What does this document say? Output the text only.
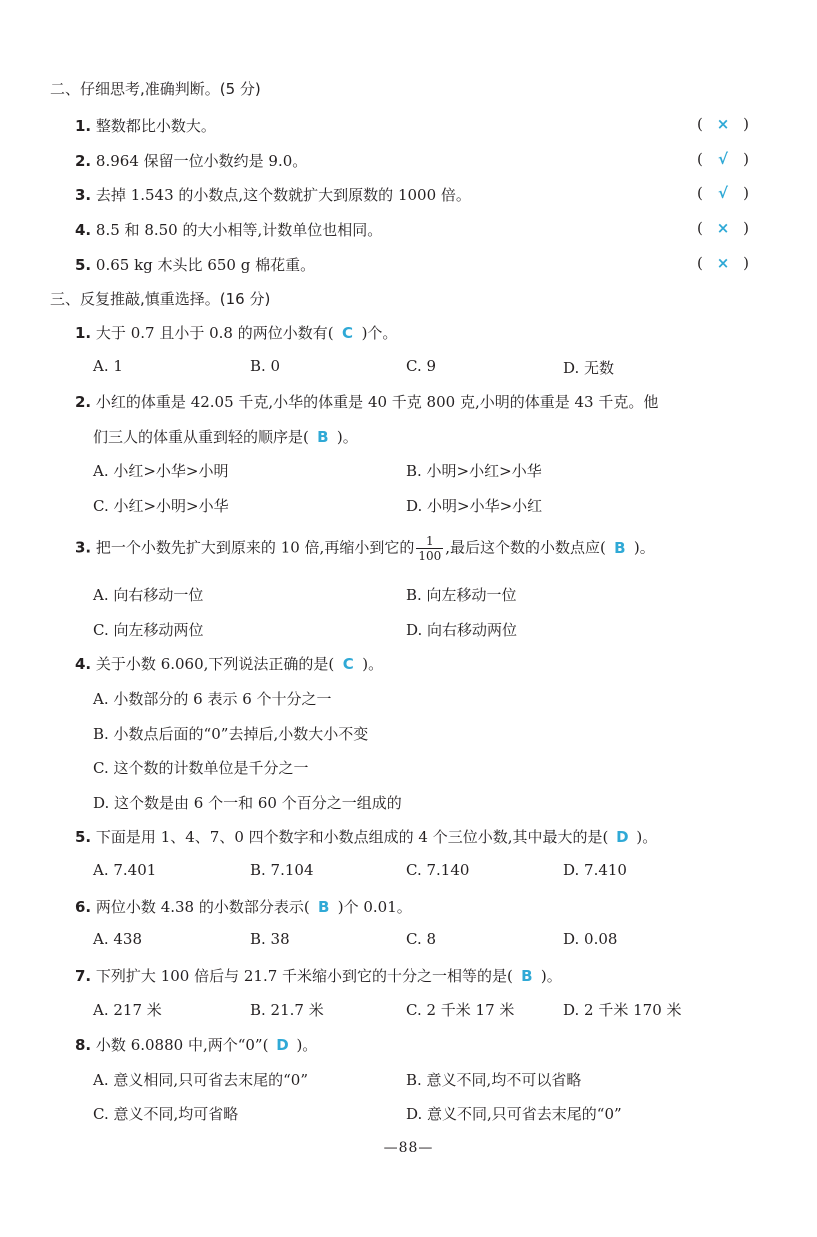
二、仔细思考,准确判断。(5 分)
1. 整数都比小数大。	( × )
2. 8.964 保留一位小数约是 9.0。	( √ )
3. 去掉 1.543 的小数点,这个数就扩大到原数的 1000 倍。	( √ )
4. 8.5 和 8.50 的大小相等,计数单位也相同。	( × )
5. 0.65 kg 木头比 650 g 棉花重。	( × )
三、反复推敲,慎重选择。(16 分)
1. 大于 0.7 且小于 0.8 的两位小数有( C )个。
A. 1	B. 0	C. 9	D. 无数
2. 小红的体重是 42.05 千克,小华的体重是 40 千克 800 克,小明的体重是 43 千克。他
们三人的体重从重到轻的顺序是( B )。
A. 小红>小华>小明	B. 小明>小红>小华
C. 小红>小明>小华	D. 小明>小华>小红
3. 把一个小数先扩大到原来的 10 倍,再缩小到它的 $\frac{1}{100}$ ,最后这个数的小数点应( B )。
A. 向右移动一位	B. 向左移动一位
C. 向左移动两位	D. 向右移动两位
4. 关于小数 6.060,下列说法正确的是( C )。
A. 小数部分的 6 表示 6 个十分之一
B. 小数点后面的“0”去掉后,小数大小不变
C. 这个数的计数单位是千分之一
D. 这个数是由 6 个一和 60 个百分之一组成的
5. 下面是用 1、4、7、0 四个数字和小数点组成的 4 个三位小数,其中最大的是( D )。
A. 7.401	B. 7.104	C. 7.140	D. 7.410
6. 两位小数 4.38 的小数部分表示( B )个 0.01。
A. 438	B. 38	C. 8	D. 0.08
7. 下列扩大 100 倍后与 21.7 千米缩小到它的十分之一相等的是( B )。
A. 217 米	B. 21.7 米	C. 2 千米 17 米	D. 2 千米 170 米
8. 小数 6.0880 中,两个“0”( D )。
A. 意义相同,只可省去末尾的“0”	B. 意义不同,均不可以省略
C. 意义不同,均可省略	D. 意义不同,只可省去末尾的“0”
—88—
